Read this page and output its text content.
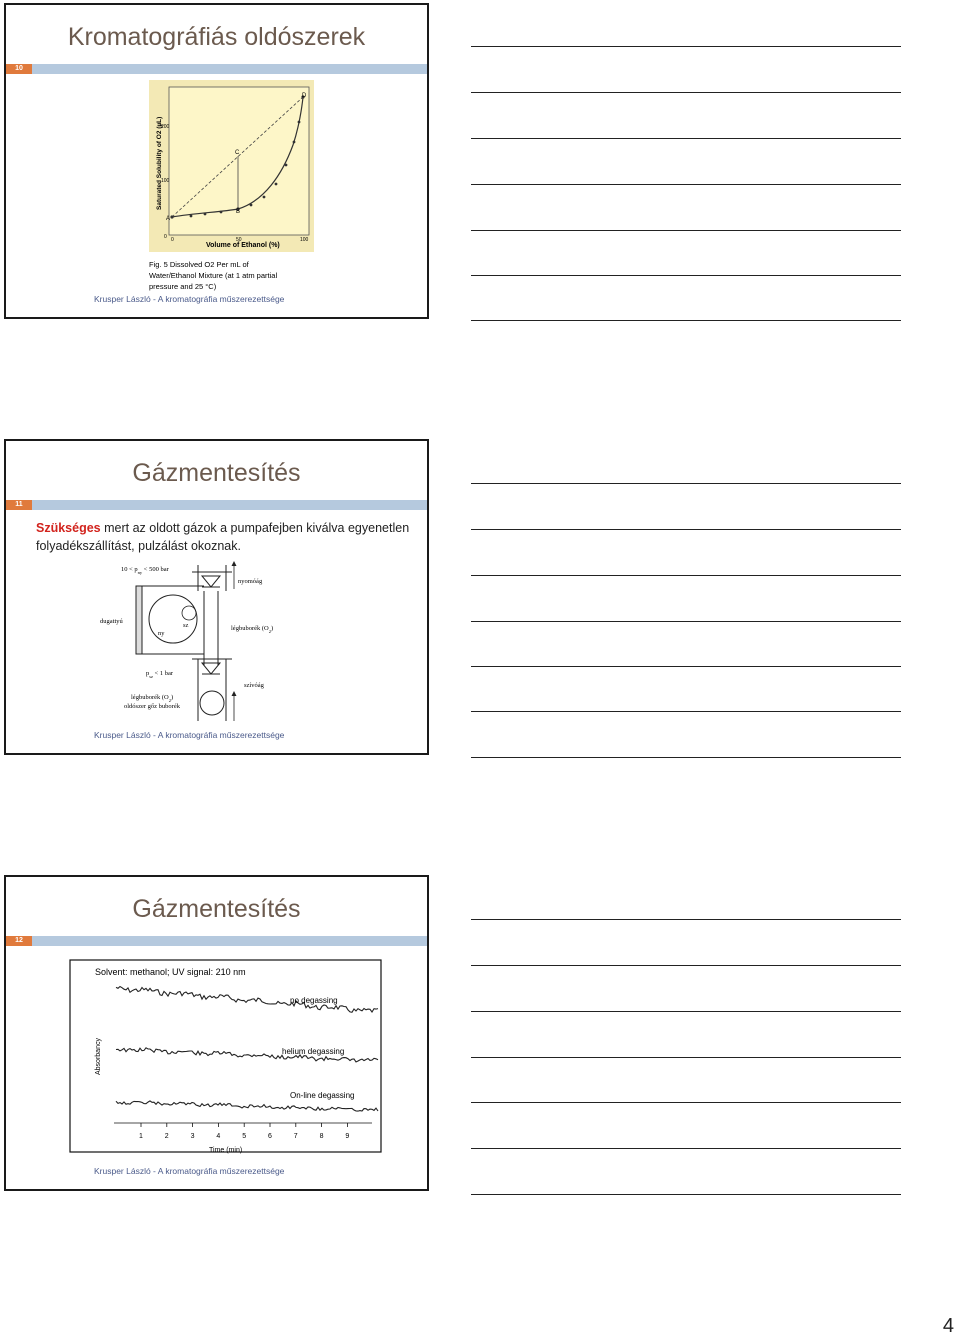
Kromatográfiás oldószerek
10
A
B
C
D
200
100
0 0	50	100
Volume of Ethanol (%)
Saturated Solubility of O2 (µL)
Fig. 5 Dissolved O2 Per mL of
Water/Ethanol Mixture (at 1 atm partial
pressure and 25 °C)
Krusper László - A kromatográfia műszerezettsége
Gázmentesítés
11
Szükséges mert az oldott gázok a pumpafejben kiválva egyenetlen folyadékszállítást, pulzálást okoznak.
$10 < p_{ny} < 500$ bar
nyomóág
dugattyú
ny
sz	légbuborék $(O_2)$
$p_{sz} < 1$ bar
szívóág
légbuborék $(O_2)$
oldószer gőz buborék
Krusper László - A kromatográfia műszerezettsége
Gázmentesítés
12
Solvent: methanol; UV signal: 210 nm
Absorbancy
no degassing
helium degassing
On-line degassing
1	2	3	4	5	6	7	8	9
Time (min)
Krusper László - A kromatográfia műszerezettsége
4
